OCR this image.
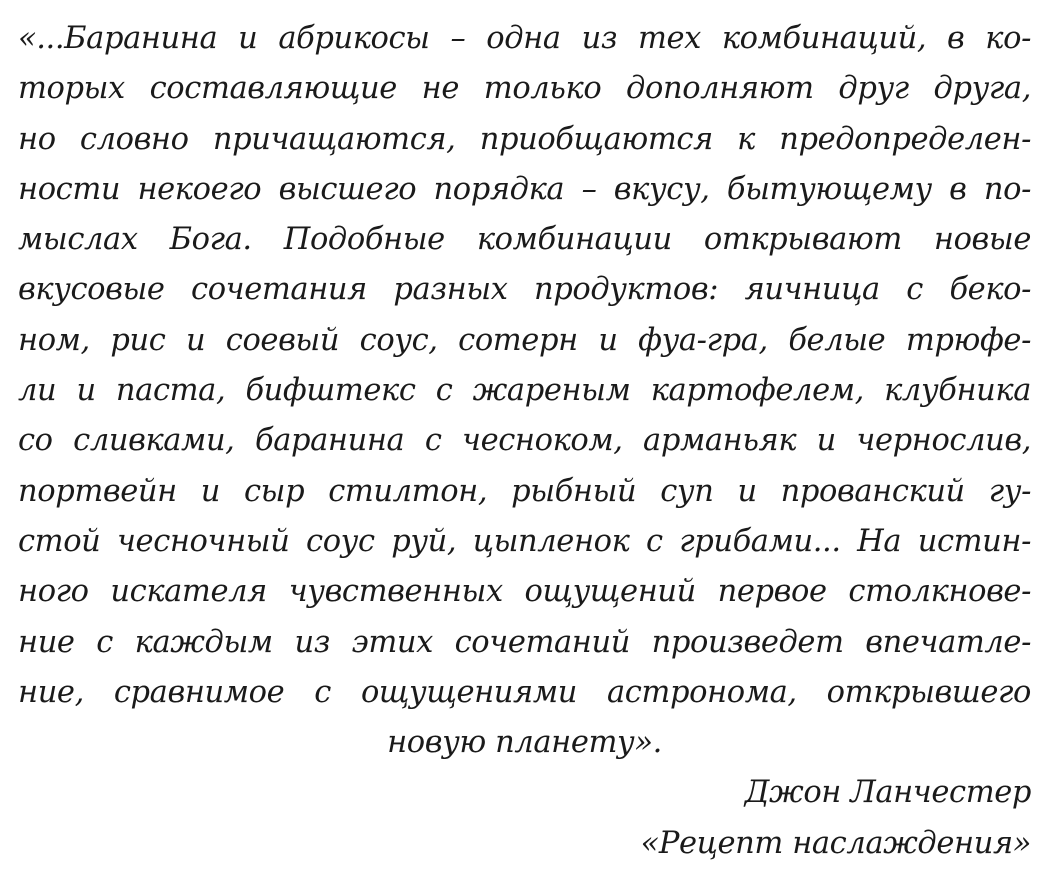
«...Баранина и абрикосы – одна из тех комбинаций, в ко-
торых составляющие не только дополняют друг друга,
но словно причащаются, приобщаются к предопределен-
ности некоего высшего порядка – вкусу, бытующему в по-
мыслах Бога. Подобные комбинации открывают новые
вкусовые сочетания разных продуктов: яичница с беко-
ном, рис и соевый соус, сотерн и фуа-гра, белые трюфе-
ли и паста, бифштекс с жареным картофелем, клубника
со сливками, баранина с чесноком, арманьяк и чернослив,
портвейн и сыр стилтон, рыбный суп и прованский гу-
стой чесночный соус руй, цыпленок с грибами... На истин-
ного искателя чувственных ощущений первое столкнове-
ние с каждым из этих сочетаний произведет впечатле-
ние, сравнимое с ощущениями астронома, открывшего
новую планету».
Джон Ланчестер
«Рецепт наслаждения»
